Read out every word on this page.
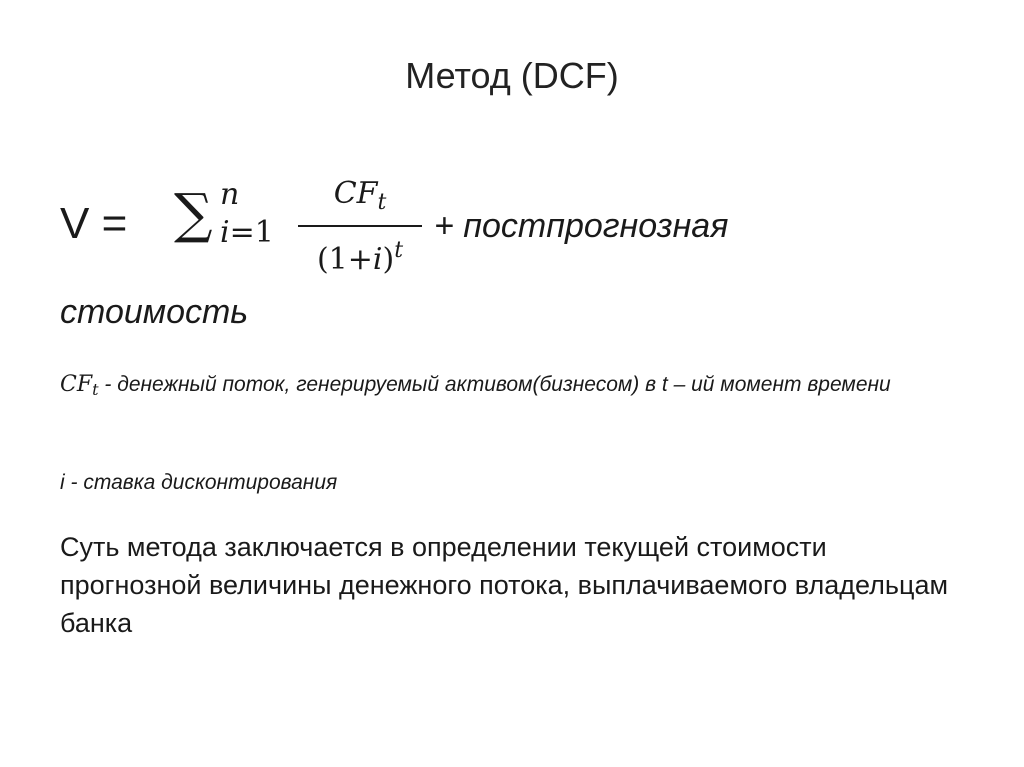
Метод (DCF)
V = ∑ n
i=1
$CF_t$
$(1+i)^t$
+ постпрогнозная
стоимость
$CF_t$ - денежный поток, генерируемый активом(бизнесом) в t – ий момент времени
i - ставка дисконтирования
Суть метода заключается в определении текущей стоимости прогнозной величины денежного потока, выплачиваемого владельцам банка
